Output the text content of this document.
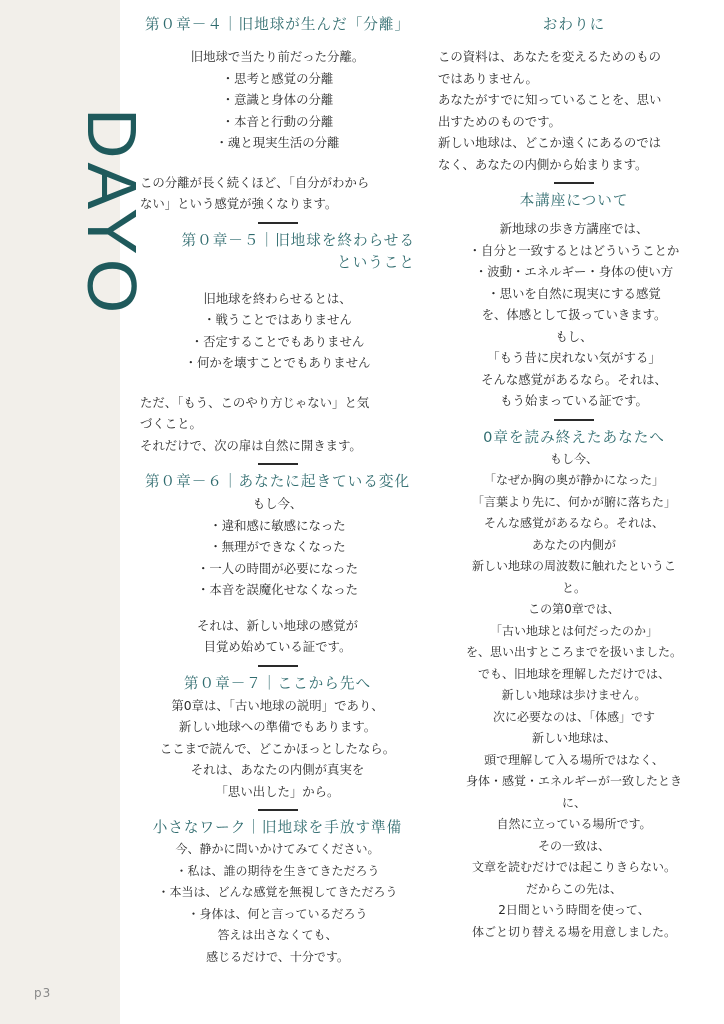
DAYO
p3

第０章－４｜旧地球が生んだ「分離」

旧地球で当たり前だった分離。

・思考と感覚の分離
・意識と身体の分離
・本音と行動の分離
・魂と現実生活の分離
この分離が長く続くほど、「自分がわから
ない」という感覚が強くなります。

第０章－５｜旧地球を終わらせる
ということ

旧地球を終わらせるとは、

・戦うことではありません
・否定することでもありません
・何かを壊すことでもありません
ただ、「もう、このやり方じゃない」と気
づくこと。
それだけで、次の扉は自然に開きます。

第０章－６｜あなたに起きている変化

もし今、

・違和感に敏感になった
・無理ができなくなった
・一人の時間が必要になった
・本音を誤魔化せなくなった
それは、新しい地球の感覚が
目覚め始めている証です。

第０章－７｜ここから先へ

第0章は、「古い地球の説明」であり、
新しい地球への準備でもあります。
ここまで読んで、どこかほっとしたなら。
それは、あなたの内側が真実を
「思い出した」から。

小さなワーク｜旧地球を手放す準備

今、静かに問いかけてみてください。
・私は、誰の期待を生きてきただろう
・本当は、どんな感覚を無視してきただろう
・身体は、何と言っているだろう
答えは出さなくても、
感じるだけで、十分です。

おわりに

この資料は、あなたを変えるためのもの
ではありません。
あなたがすでに知っていることを、思い
出すためのものです。
新しい地球は、どこか遠くにあるのでは
なく、あなたの内側から始まります。

本講座について

新地球の歩き方講座では、
・自分と一致するとはどういうことか
・波動・エネルギー・身体の使い方
・思いを自然に現実にする感覚
を、体感として扱っていきます。
もし、
「もう昔に戻れない気がする」
そんな感覚があるなら。それは、
もう始まっている証です。

0章を読み終えたあなたへ

もし今、
「なぜか胸の奥が静かになった」
「言葉より先に、何かが腑に落ちた」
そんな感覚があるなら。それは、
あなたの内側が
新しい地球の周波数に触れたというこ
と。
この第0章では、
「古い地球とは何だったのか」
を、思い出すところまでを扱いました。
でも、旧地球を理解しただけでは、
新しい地球は歩けません。
次に必要なのは、「体感」です
新しい地球は、
頭で理解して入る場所ではなく、
身体・感覚・エネルギーが一致したとき
に、
自然に立っている場所です。
その一致は、
文章を読むだけでは起こりきらない。
だからこの先は、
2日間という時間を使って、
体ごと切り替える場を用意しました。
